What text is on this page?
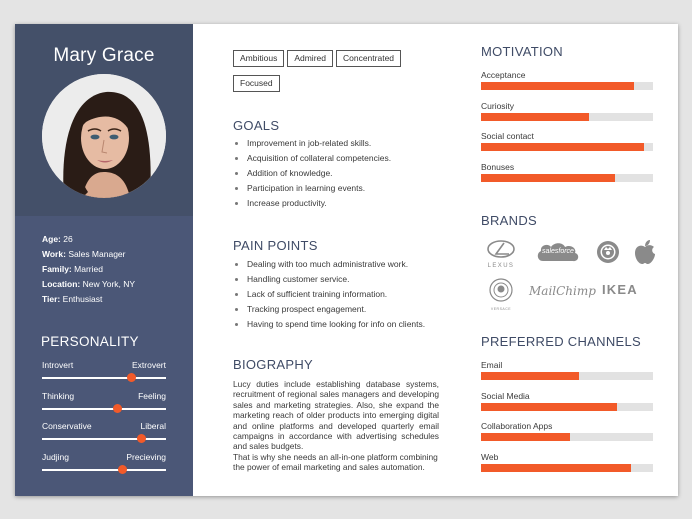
Mary Grace
Age: 26
Work: Sales Manager
Family: Married
Location: New York, NY
Tier: Enthusiast
PERSONALITY
Introvert	Extrovert
Thinking	Feeling
Conservative	Liberal
Judjing	Precieving
Ambitious Admired ConcentratedFocused
GOALS
Improvement in job-related skills.
Acquisition of collateral competencies.
Addition of knowledge.
Participation in learning events.
Increase productivity.
PAIN POINTS
Dealing with too much administrative work.
Handling customer service.
Lack of sufficient training information.
Tracking prospect engagement.
Having to spend time looking for info on clients.
BIOGRAPHY
Lucy duties include establishing database systems, recruitment of regional sales managers and developing sales and marketing strategies. Also, she expand the marketing reach of older products into emerging digital and online platforms and developed quarterly email campaigns in accordance with advertising schedules and sales budgets.
That is why she needs an all-in-one platform combining the power of email marketing and sales automation.
MOTIVATION
Acceptance
Curiosity
Social contact
Bonuses
BRANDS
LEXUS
salesforce
VERSACE
MailChimp IKEA
PREFERRED CHANNELS
Email
Social Media
Collaboration Apps
Web
